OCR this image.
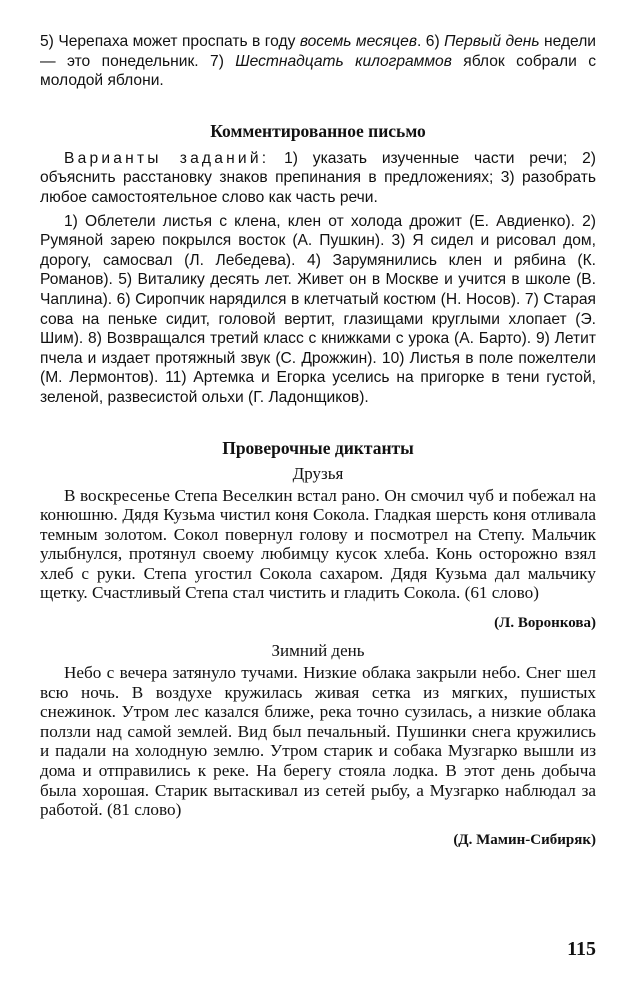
5) Черепаха может проспать в году восемь месяцев. 6) Первый день недели — это понедельник. 7) Шестнадцать килограммов яблок собрали с молодой яблони.

Комментированное письмо

Варианты заданий: 1) указать изученные части речи; 2) объяснить расстановку знаков препинания в предложениях; 3) разобрать любое самостоятельное слово как часть речи.

1) Облетели листья с клена, клен от холода дрожит (Е. Авдиенко). 2) Румяной зарею покрылся восток (А. Пушкин). 3) Я сидел и рисовал дом, дорогу, самосвал (Л. Лебедева). 4) Зарумянились клен и рябина (К. Романов). 5) Виталику десять лет. Живет он в Москве и учится в школе (В. Чаплина). 6) Сиропчик нарядился в клетчатый костюм (Н. Носов). 7) Старая сова на пеньке сидит, головой вертит, глазищами круглыми хлопает (Э. Шим). 8) Возвращался третий класс с книжками с урока (А. Барто). 9) Летит пчела и издает протяжный звук (С. Дрожжин). 10) Листья в поле пожелтели (М. Лермонтов). 11) Артемка и Егорка уселись на пригорке в тени густой, зеленой, развесистой ольхи (Г. Ладонщиков).

Проверочные диктанты
Друзья

В воскресенье Степа Веселкин встал рано. Он смочил чуб и побежал на конюшню. Дядя Кузьма чистил коня Сокола. Гладкая шерсть коня отливала темным золотом. Сокол повернул голову и посмотрел на Степу. Мальчик улыбнулся, протянул своему любимцу кусок хлеба. Конь осторожно взял хлеб с руки. Степа угостил Сокола сахаром. Дядя Кузьма дал мальчику щетку. Счастливый Степа стал чистить и гладить Сокола. (61 слово)

(Л. Воронкова)
Зимний день

Небо с вечера затянуло тучами. Низкие облака закрыли небо. Снег шел всю ночь. В воздухе кружилась живая сетка из мягких, пушистых снежинок. Утром лес казался ближе, река точно сузилась, а низкие облака ползли над самой землей. Вид был печальный. Пушинки снега кружились и падали на холодную землю. Утром старик и собака Музгарко вышли из дома и отправились к реке. На берегу стояла лодка. В этот день добыча была хорошая. Старик вытаскивал из сетей рыбу, а Музгарко наблюдал за работой. (81 слово)

(Д. Мамин-Сибиряк)
115
